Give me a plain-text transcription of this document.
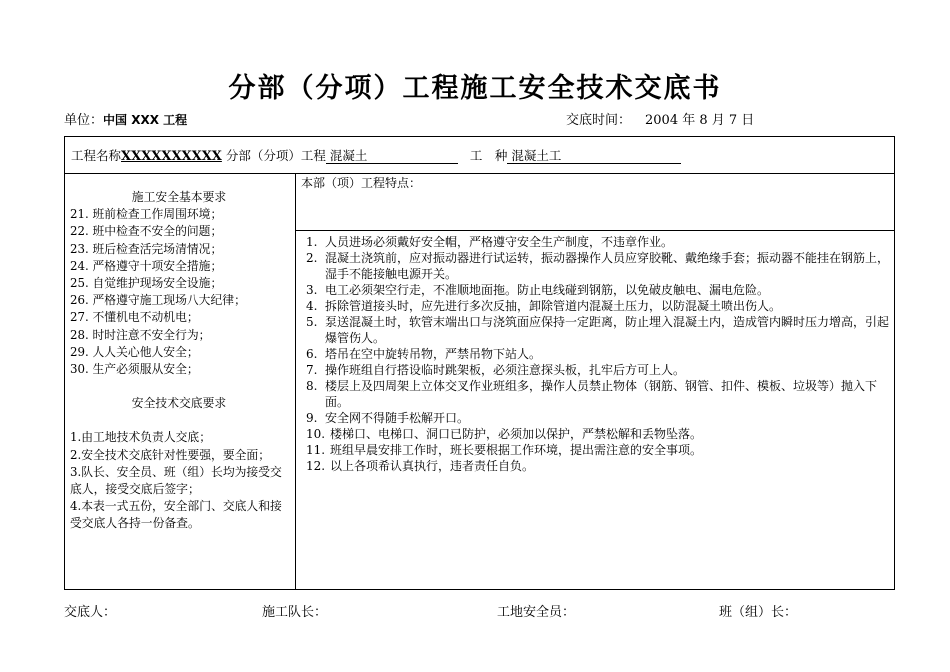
分部（分项）工程施工安全技术交底书
单位：中国 XXX 工程	交底时间： 2004 年 8 月 7 日
工程名称XXXXXXXXXX 分部（分项）工程 混凝土	工　种 混凝土工
施工安全基本要求
21. 班前检查工作周围环境；
22. 班中检查不安全的问题；
23. 班后检查活完场清情况；
24. 严格遵守十项安全措施；
25. 自觉维护现场安全设施；
26. 严格遵守施工现场八大纪律；
27. 不懂机电不动机电；
28. 时时注意不安全行为；
29. 人人关心他人安全；
30. 生产必须服从安全；
安全技术交底要求
1.由工地技术负责人交底；
2.安全技术交底针对性要强，要全面；
3.队长、安全员、班（组）长均为接受交底人，接受交底后签字；
4.本表一式五份，安全部门、交底人和接受交底人各持一份备查。
本部（项）工程特点：
1. 人员进场必须戴好安全帽，严格遵守安全生产制度，不违章作业。
2. 混凝土浇筑前，应对振动器进行试运转，振动器操作人员应穿胶靴、戴绝缘手套；振动器不能挂在钢筋上，湿手不能接触电源开关。
3. 电工必须架空行走，不准顺地面拖。防止电线碰到钢筋，以免破皮触电、漏电危险。
4. 拆除管道接头时，应先进行多次反抽，卸除管道内混凝土压力，以防混凝土喷出伤人。
5. 泵送混凝土时，软管末端出口与浇筑面应保持一定距离，防止埋入混凝土内，造成管内瞬时压力增高，引起爆管伤人。
6. 塔吊在空中旋转吊物，严禁吊物下站人。
7. 操作班组自行搭设临时跳架板，必须注意探头板，扎牢后方可上人。
8. 楼层上及四周架上立体交叉作业班组多，操作人员禁止物体（钢筋、钢管、扣件、模板、垃圾等）抛入下面。
9. 安全网不得随手松解开口。
10. 楼梯口、电梯口、洞口已防护，必须加以保护，严禁松解和丢物坠落。
11. 班组早晨安排工作时，班长要根据工作环境，提出需注意的安全事项。
12. 以上各项希认真执行，违者责任自负。
交底人：	施工队长：	工地安全员：	班（组）长：
